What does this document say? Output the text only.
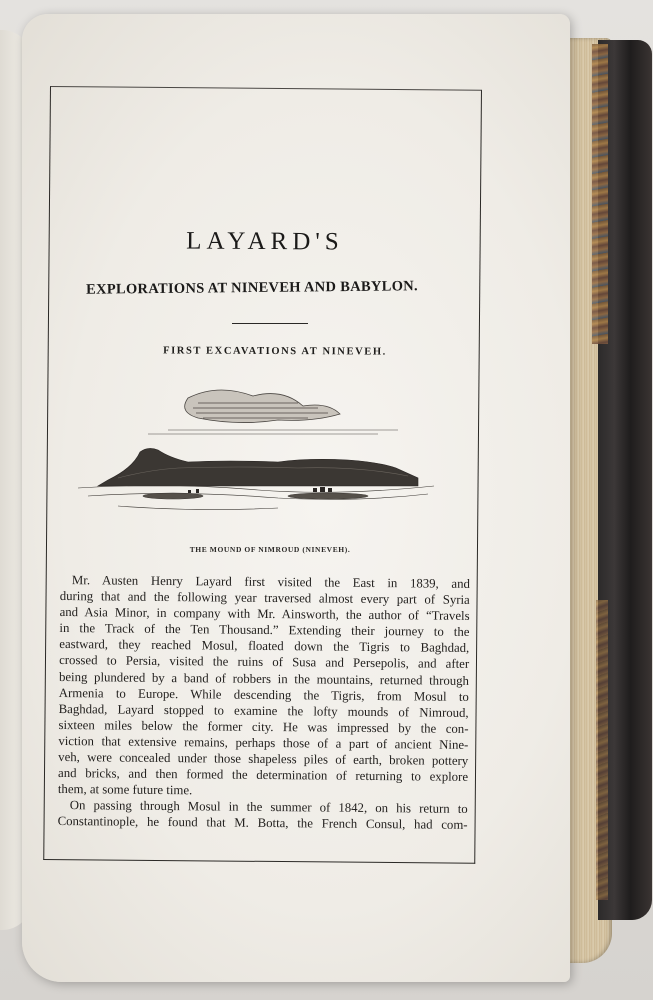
LAYARD'S
EXPLORATIONS AT NINEVEH AND BABYLON.
FIRST EXCAVATIONS AT NINEVEH.
THE MOUND OF NIMROUD (NINEVEH).
Mr. Austen Henry Layard first visited the East in 1839, and
during that and the following year traversed almost every part of Syria
and Asia Minor, in company with Mr. Ainsworth, the author of “Travels
in the Track of the Ten Thousand.” Extending their journey to the
eastward, they reached Mosul, floated down the Tigris to Baghdad,
crossed to Persia, visited the ruins of Susa and Persepolis, and after
being plundered by a band of robbers in the mountains, returned through
Armenia to Europe. While descending the Tigris, from Mosul to
Baghdad, Layard stopped to examine the lofty mounds of Nimroud,
sixteen miles below the former city. He was impressed by the con-
viction that extensive remains, perhaps those of a part of ancient Nine-
veh, were concealed under those shapeless piles of earth, broken pottery
and bricks, and then formed the determination of returning to explore
them, at some future time.
On passing through Mosul in the summer of 1842, on his return to
Constantinople, he found that M. Botta, the French Consul, had com-
